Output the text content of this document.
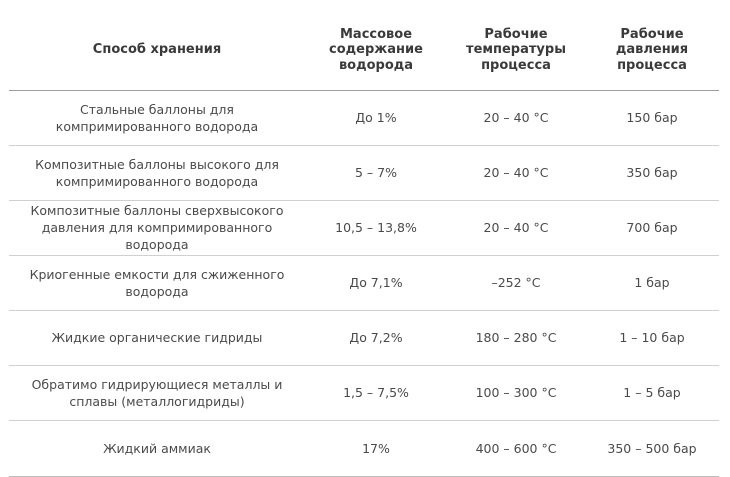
Способ хранения	Массовое содержание водорода	Рабочие температуры процесса	Рабочие давления процесса
Стальные баллоны для компримированного водорода	До 1%	20 – 40 °C	150 бар
Композитные баллоны высокого для компримированного водорода	5 – 7%	20 – 40 °C	350 бар
Композитные баллоны сверхвысокого давления для компримированного водорода	10,5 – 13,8%	20 – 40 °C	700 бар
Криогенные емкости для сжиженного водорода	До 7,1%	–252 °C	1 бар
Жидкие органические гидриды	До 7,2%	180 – 280 °C	1 – 10 бар
Обратимо гидрирующиеся металлы и сплавы (металлогидриды)	1,5 – 7,5%	100 – 300 °C	1 – 5 бар
Жидкий аммиак	17%	400 – 600 °C	350 – 500 бар
